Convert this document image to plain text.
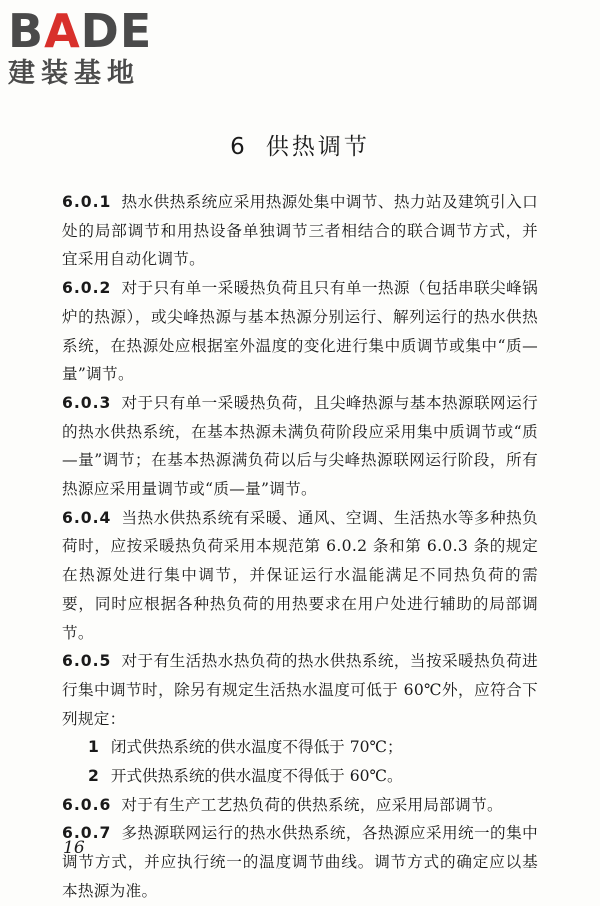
BADE
建装基地
6 供热调节

6.0.1 热水供热系统应采用热源处集中调节、热力站及建筑引入口处的局部调节和用热设备单独调节三者相结合的联合调节方式，并宜采用自动化调节。

6.0.2 对于只有单一采暖热负荷且只有单一热源（包括串联尖峰锅炉的热源），或尖峰热源与基本热源分别运行、解列运行的热水供热系统，在热源处应根据室外温度的变化进行集中质调节或集中“质—量”调节。

6.0.3 对于只有单一采暖热负荷，且尖峰热源与基本热源联网运行的热水供热系统，在基本热源未满负荷阶段应采用集中质调节或“质—量”调节；在基本热源满负荷以后与尖峰热源联网运行阶段，所有热源应采用量调节或“质—量”调节。

6.0.4 当热水供热系统有采暖、通风、空调、生活热水等多种热负荷时，应按采暖热负荷采用本规范第 6.0.2 条和第 6.0.3 条的规定在热源处进行集中调节，并保证运行水温能满足不同热负荷的需要，同时应根据各种热负荷的用热要求在用户处进行辅助的局部调节。

6.0.5 对于有生活热水热负荷的热水供热系统，当按采暖热负荷进行集中调节时，除另有规定生活热水温度可低于 60℃外，应符合下列规定：

1 闭式供热系统的供水温度不得低于 70℃；

2 开式供热系统的供水温度不得低于 60℃。

6.0.6 对于有生产工艺热负荷的供热系统，应采用局部调节。

6.0.7 多热源联网运行的热水供热系统，各热源应采用统一的集中调节方式，并应执行统一的温度调节曲线。调节方式的确定应以基本热源为准。

16
